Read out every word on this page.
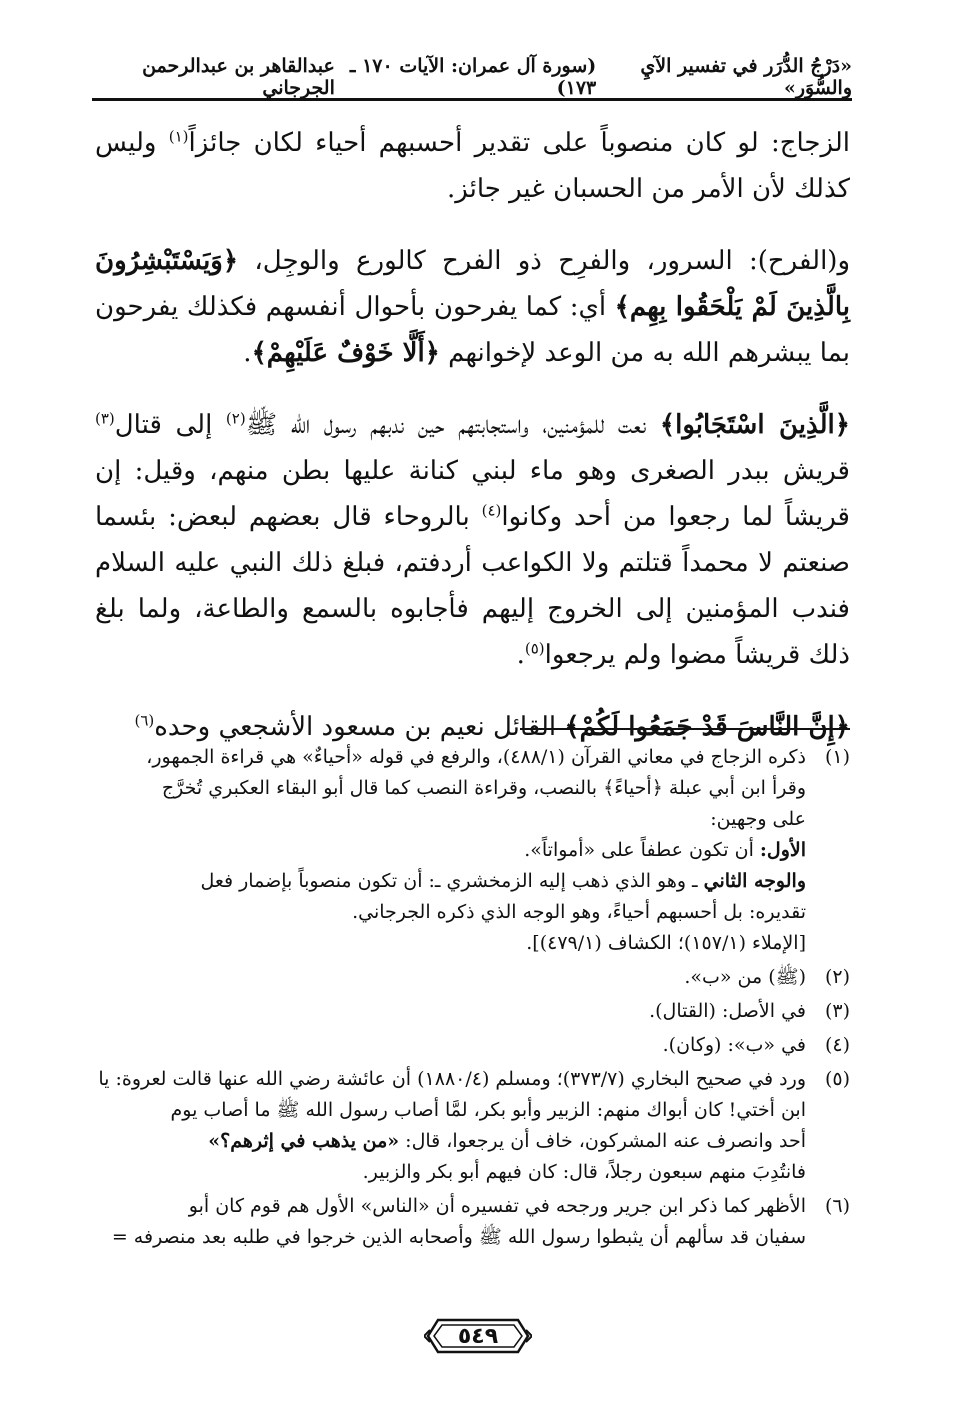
«دَرْجُ الدُّرَر في تفسير الآيِ والسُّوَر»
(سورة آل عمران: الآيات ١٧٠ ـ ١٧٣)
عبدالقاهر بن عبدالرحمن الجرجاني

الزجاج: لو كان منصوباً على تقدير أحسبهم أحياء لكان جائزاً$^{(١)}$ وليس كذلك لأن الأمر من الحسبان غير جائز.

و(الفرح): السرور، والفرِح ذو الفرح كالورع والوجِل، ﴿وَيَسْتَبْشِرُونَ بِالَّذِينَ لَمْ يَلْحَقُوا بِهِم﴾ أي: كما يفرحون بأحوال أنفسهم فكذلك يفرحون بما يبشرهم الله به من الوعد لإخوانهم ﴿أَلَّا خَوْفٌ عَلَيْهِمْ﴾.

﴿الَّذِينَ اسْتَجَابُوا﴾ نعت للمؤمنين، واستجابتهم حين ندبهم رسول الله ﷺ$^{(٢)}$ إلى قتال$^{(٣)}$ قريش ببدر الصغرى وهو ماء لبني كنانة عليها بطن منهم، وقيل: إن قريشاً لما رجعوا من أحد وكانوا$^{(٤)}$ بالروحاء قال بعضهم لبعض: بئسما صنعتم لا محمداً قتلتم ولا الكواعب أردفتم، فبلغ ذلك النبي عليه السلام فندب المؤمنين إلى الخروج إليهم فأجابوه بالسمع والطاعة، ولما بلغ ذلك قريشاً مضوا ولم يرجعوا$^{(٥)}$.

﴿إِنَّ النَّاسَ قَدْ جَمَعُوا لَكُمْ﴾ القائل نعيم بن مسعود الأشجعي وحده$^{(٦)}$

(١)
ذكره الزجاج في معاني القرآن (٤٨٨/١)، والرفع في قوله «أحياءٌ» هي قراءة الجمهور،
وقرأ ابن أبي عبلة ﴿أحياءً﴾ بالنصب، وقراءة النصب كما قال أبو البقاء العكبري تُخرَّج
على وجهين:
الأول: أن تكون عطفاً على «أمواتاً».
والوجه الثاني ـ وهو الذي ذهب إليه الزمخشري ـ: أن تكون منصوباً بإضمار فعل
تقديره: بل أحسبهم أحياءً، وهو الوجه الذي ذكره الجرجاني.
[الإملاء (١٥٧/١)؛ الكشاف (٤٧٩/١)].
(٢)
(ﷺ) من «ب».
(٣)
في الأصل: (القتال).
(٤)
في «ب»: (وكان).
(٥)
ورد في صحيح البخاري (٣٧٣/٧)؛ ومسلم (١٨٨٠/٤) أن عائشة رضي الله عنها قالت لعروة: يا
ابن أختي! كان أبواك منهم: الزبير وأبو بكر، لمَّا أصاب رسول الله ﷺ ما أصاب يوم
أحد وانصرف عنه المشركون، خاف أن يرجعوا، قال: «من يذهب في إثرهم؟»
فانتُدِبَ منهم سبعون رجلاً، قال: كان فيهم أبو بكر والزبير.
(٦)
الأظهر كما ذكر ابن جرير ورجحه في تفسيره أن «الناس» الأول هم قوم كان أبو
سفيان قد سألهم أن يثبطوا رسول الله ﷺ وأصحابه الذين خرجوا في طلبه بعد منصرفه =
٥٤٩
